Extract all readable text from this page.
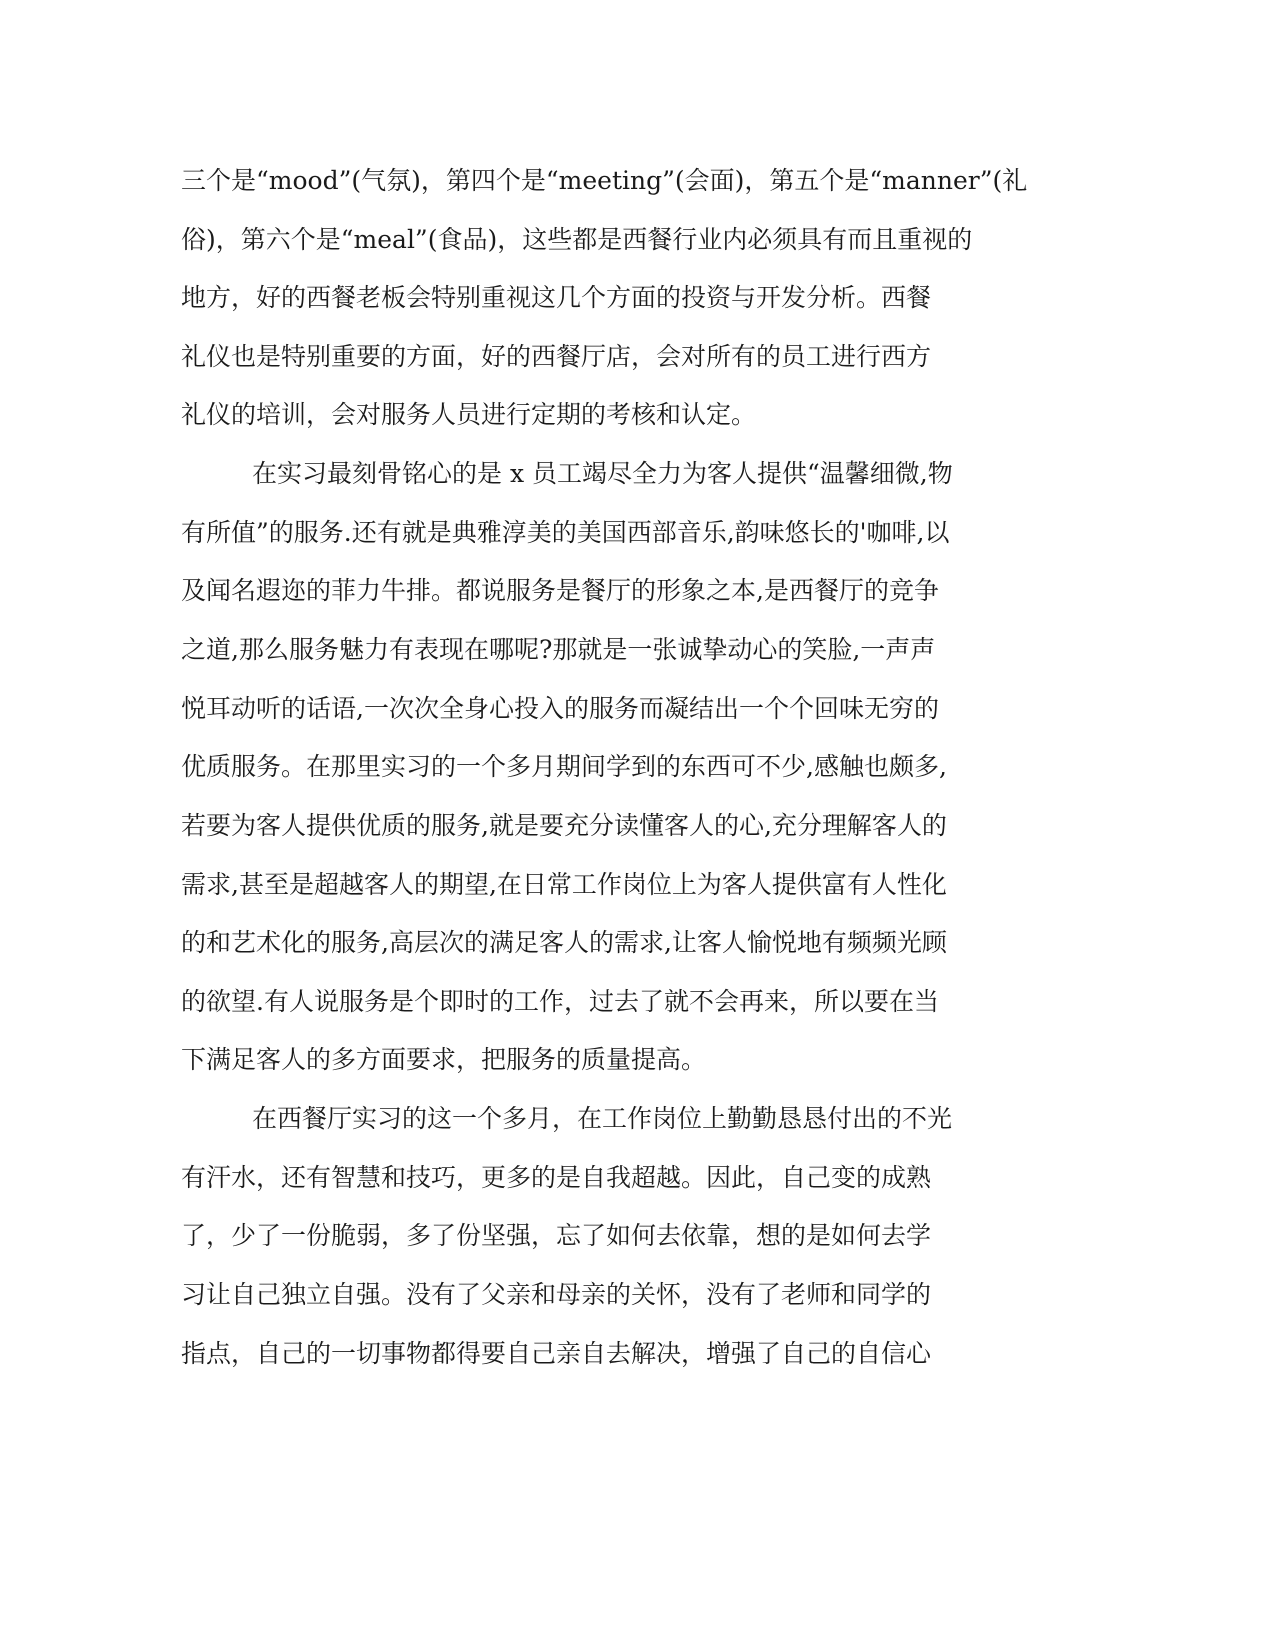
三个是“mood”(气氛)，第四个是“meeting”(会面)，第五个是“manner”(礼
俗)，第六个是“meal”(食品)，这些都是西餐行业内必须具有而且重视的
地方，好的西餐老板会特别重视这几个方面的投资与开发分析。西餐
礼仪也是特别重要的方面，好的西餐厅店，会对所有的员工进行西方
礼仪的培训，会对服务人员进行定期的考核和认定。
在实习最刻骨铭心的是 x 员工竭尽全力为客人提供“温馨细微,物
有所值”的服务.还有就是典雅淳美的美国西部音乐,韵味悠长的'咖啡,以
及闻名遐迩的菲力牛排。都说服务是餐厅的形象之本,是西餐厅的竞争
之道,那么服务魅力有表现在哪呢?那就是一张诚挚动心的笑脸,一声声
悦耳动听的话语,一次次全身心投入的服务而凝结出一个个回味无穷的
优质服务。在那里实习的一个多月期间学到的东西可不少,感触也颇多,
若要为客人提供优质的服务,就是要充分读懂客人的心,充分理解客人的
需求,甚至是超越客人的期望,在日常工作岗位上为客人提供富有人性化
的和艺术化的服务,高层次的满足客人的需求,让客人愉悦地有频频光顾
的欲望.有人说服务是个即时的工作，过去了就不会再来，所以要在当
下满足客人的多方面要求，把服务的质量提高。
在西餐厅实习的这一个多月，在工作岗位上勤勤恳恳付出的不光
有汗水，还有智慧和技巧，更多的是自我超越。因此，自己变的成熟
了，少了一份脆弱，多了份坚强，忘了如何去依靠，想的是如何去学
习让自己独立自强。没有了父亲和母亲的关怀，没有了老师和同学的
指点，自己的一切事物都得要自己亲自去解决，增强了自己的自信心
